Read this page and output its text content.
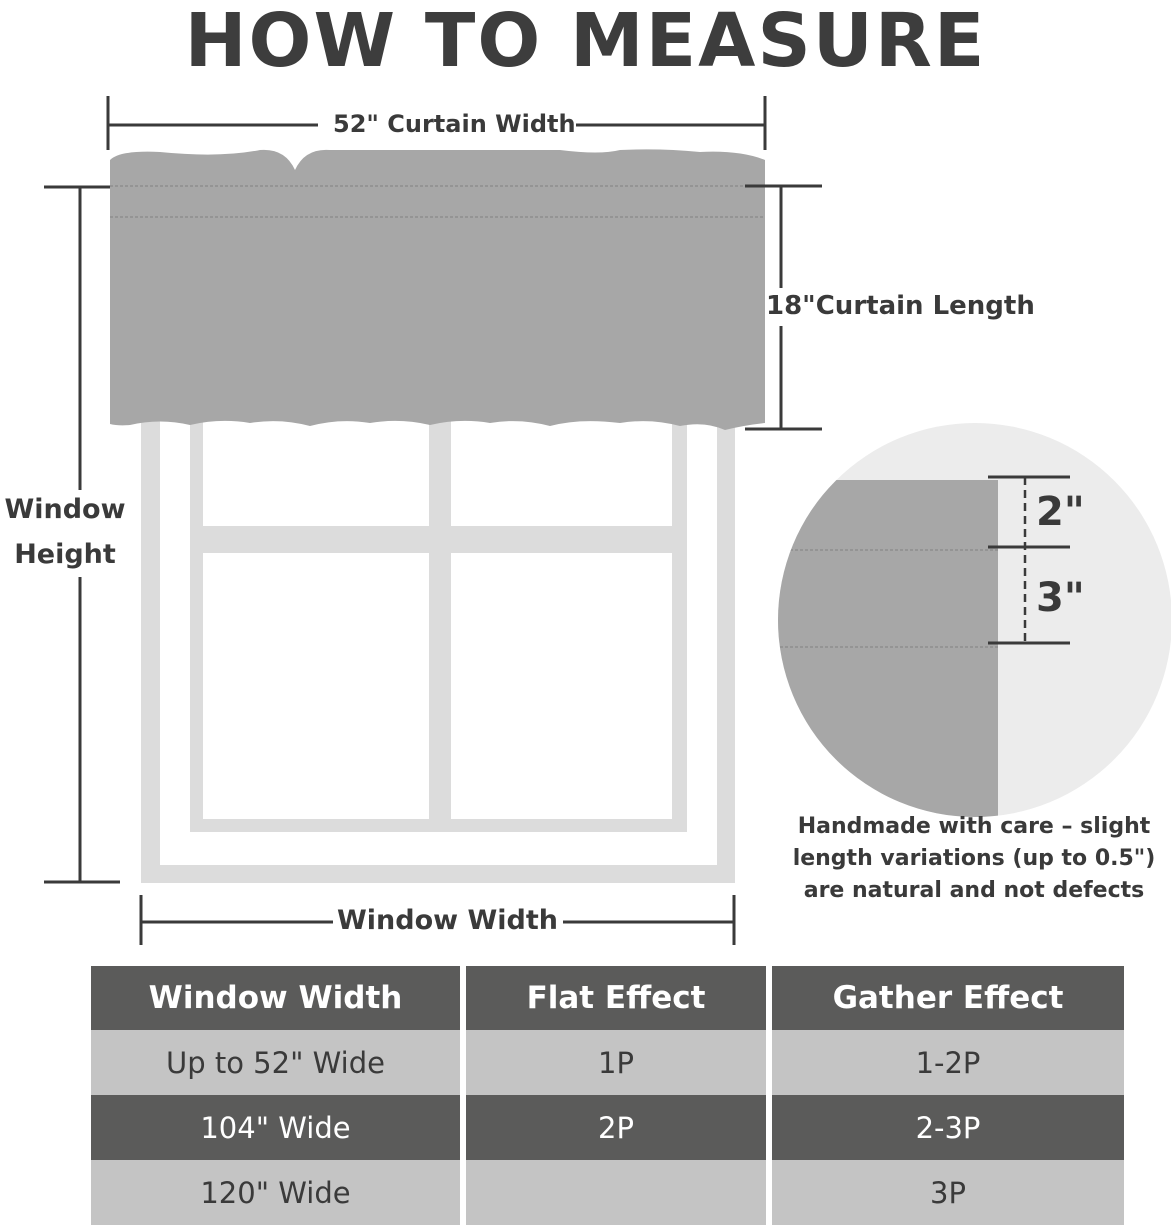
HOW TO MEASURE
52" Curtain Width
18"Curtain Length
Window
Height
Window Width
2"
3"
Handmade with care – slight
length variations (up to 0.5")
are natural and not defects
Window Width	Flat Effect	Gather Effect
Up to 52" Wide	1P	1-2P
104" Wide	2P	2-3P
120" Wide		3P
